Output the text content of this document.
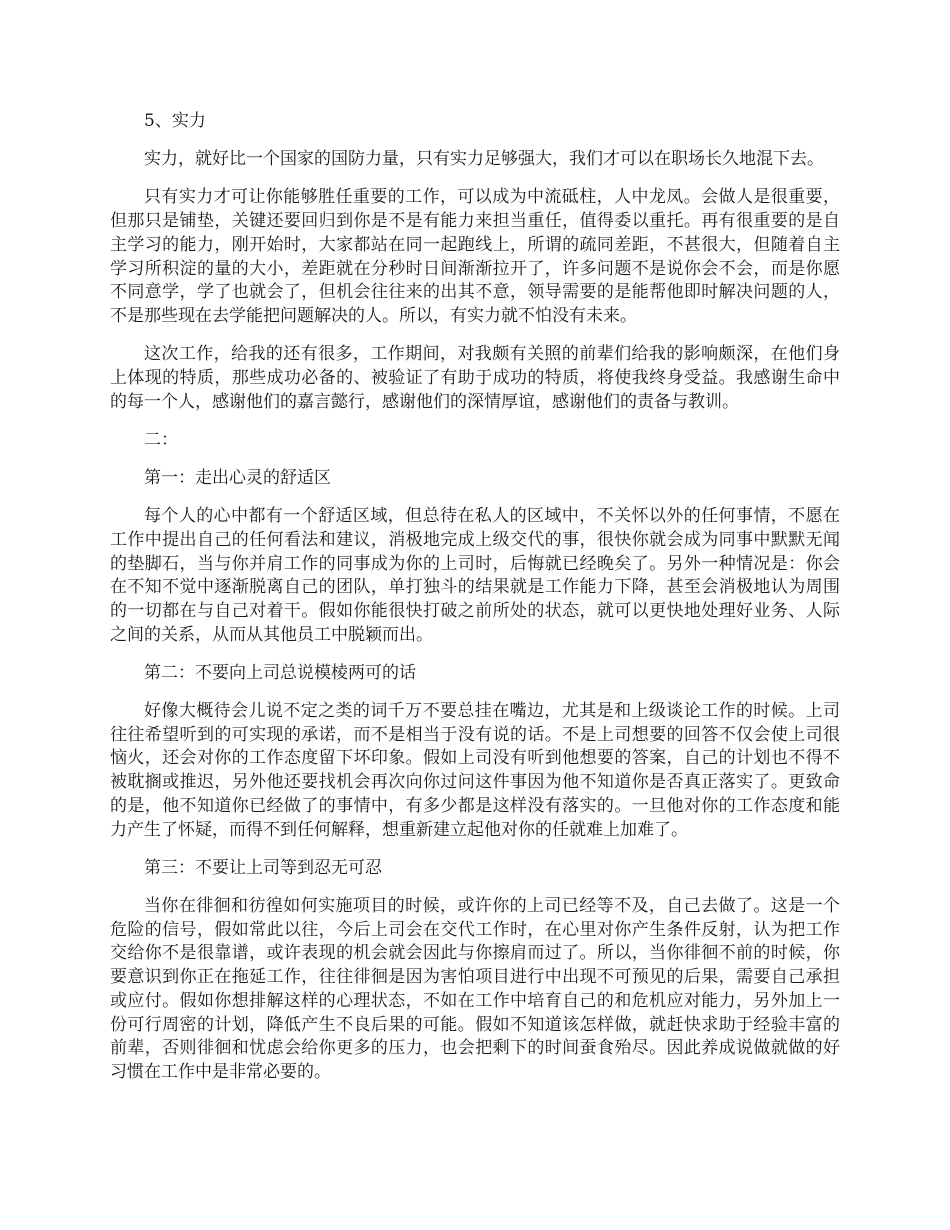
5、实力

实力，就好比一个国家的国防力量，只有实力足够强大，我们才可以在职场长久地混下去。

只有实力才可让你能够胜任重要的工作，可以成为中流砥柱，人中龙凤。会做人是很重要，但那只是铺垫，关键还要回归到你是不是有能力来担当重任，值得委以重托。再有很重要的是自主学习的能力，刚开始时，大家都站在同一起跑线上，所谓的疏同差距，不甚很大，但随着自主学习所积淀的量的大小，差距就在分秒时日间渐渐拉开了，许多问题不是说你会不会，而是你愿不同意学，学了也就会了，但机会往往来的出其不意，领导需要的是能帮他即时解决问题的人，不是那些现在去学能把问题解决的人。所以，有实力就不怕没有未来。

这次工作，给我的还有很多，工作期间，对我颇有关照的前辈们给我的影响颇深，在他们身上体现的特质，那些成功必备的、被验证了有助于成功的特质，将使我终身受益。我感谢生命中的每一个人，感谢他们的嘉言懿行，感谢他们的深情厚谊，感谢他们的责备与教训。

二：

第一：走出心灵的舒适区

每个人的心中都有一个舒适区域，但总待在私人的区域中，不关怀以外的任何事情，不愿在工作中提出自己的任何看法和建议，消极地完成上级交代的事，很快你就会成为同事中默默无闻的垫脚石，当与你并肩工作的同事成为你的上司时，后悔就已经晚矣了。另外一种情况是：你会在不知不觉中逐渐脱离自己的团队，单打独斗的结果就是工作能力下降，甚至会消极地认为周围的一切都在与自己对着干。假如你能很快打破之前所处的状态，就可以更快地处理好业务、人际之间的关系，从而从其他员工中脱颖而出。

第二：不要向上司总说模棱两可的话

好像大概待会儿说不定之类的词千万不要总挂在嘴边，尤其是和上级谈论工作的时候。上司往往希望听到的可实现的承诺，而不是相当于没有说的话。不是上司想要的回答不仅会使上司很恼火，还会对你的工作态度留下坏印象。假如上司没有听到他想要的答案，自己的计划也不得不被耽搁或推迟，另外他还要找机会再次向你过问这件事因为他不知道你是否真正落实了。更致命的是，他不知道你已经做了的事情中，有多少都是这样没有落实的。一旦他对你的工作态度和能力产生了怀疑，而得不到任何解释，想重新建立起他对你的任就难上加难了。

第三：不要让上司等到忍无可忍

当你在徘徊和彷徨如何实施项目的时候，或许你的上司已经等不及，自己去做了。这是一个危险的信号，假如常此以往，今后上司会在交代工作时，在心里对你产生条件反射，认为把工作交给你不是很靠谱，或许表现的机会就会因此与你擦肩而过了。所以，当你徘徊不前的时候，你要意识到你正在拖延工作，往往徘徊是因为害怕项目进行中出现不可预见的后果，需要自己承担或应付。假如你想排解这样的心理状态，不如在工作中培育自己的和危机应对能力，另外加上一份可行周密的计划，降低产生不良后果的可能。假如不知道该怎样做，就赶快求助于经验丰富的前辈，否则徘徊和忧虑会给你更多的压力，也会把剩下的时间蚕食殆尽。因此养成说做就做的好习惯在工作中是非常必要的。
